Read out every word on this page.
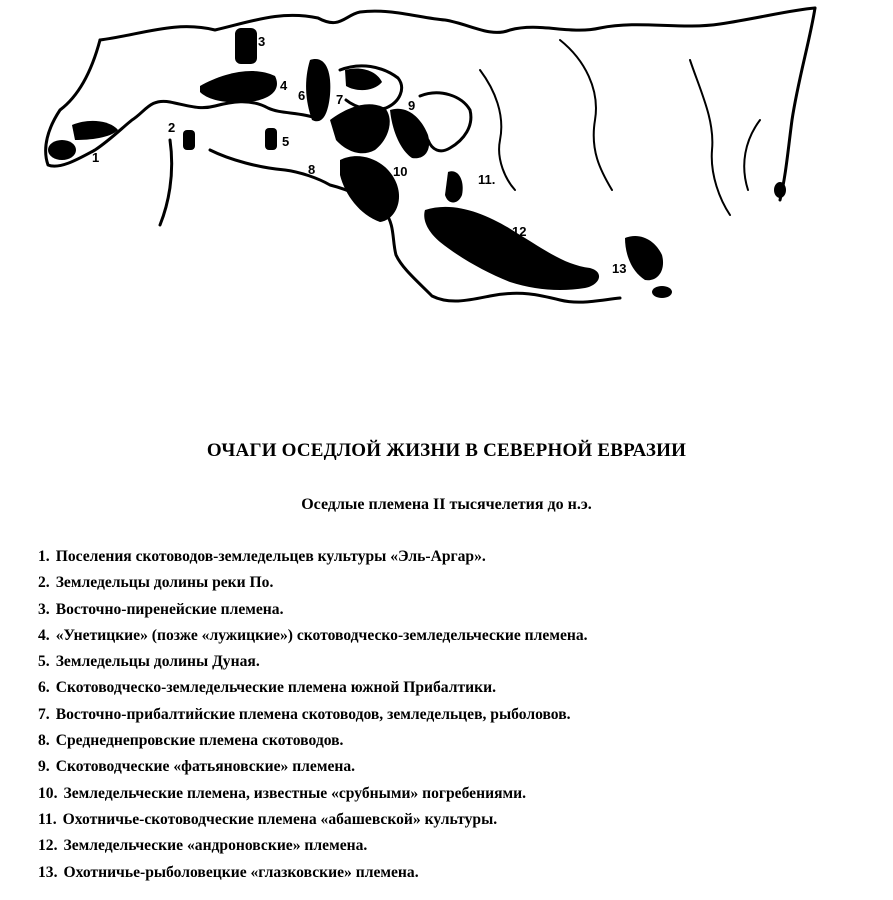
1
2
3
4
5
6 7
8
9
10
11.
12
13
ОЧАГИ ОСЕДЛОЙ ЖИЗНИ В СЕВЕРНОЙ ЕВРАЗИИ
Оседлые племена II тысячелетия до н.э.
1. Поселения скотоводов-земледельцев культуры «Эль-Аргар».
2. Земледельцы долины реки По.
3. Восточно-пиренейские племена.
4. «Унетицкие» (позже «лужицкие») скотоводческо-земледельческие племена.
5. Земледельцы долины Дуная.
6. Скотоводческо-земледельческие племена южной Прибалтики.
7. Восточно-прибалтийские племена скотоводов, земледельцев, рыболовов.
8. Среднеднепровские племена скотоводов.
9. Скотоводческие «фатьяновские» племена.
10. Земледельческие племена, известные «срубными» погребениями.
11. Охотничье-скотоводческие племена «абашевской» культуры.
12. Земледельческие «андроновские» племена.
13. Охотничье-рыболовецкие «глазковские» племена.
